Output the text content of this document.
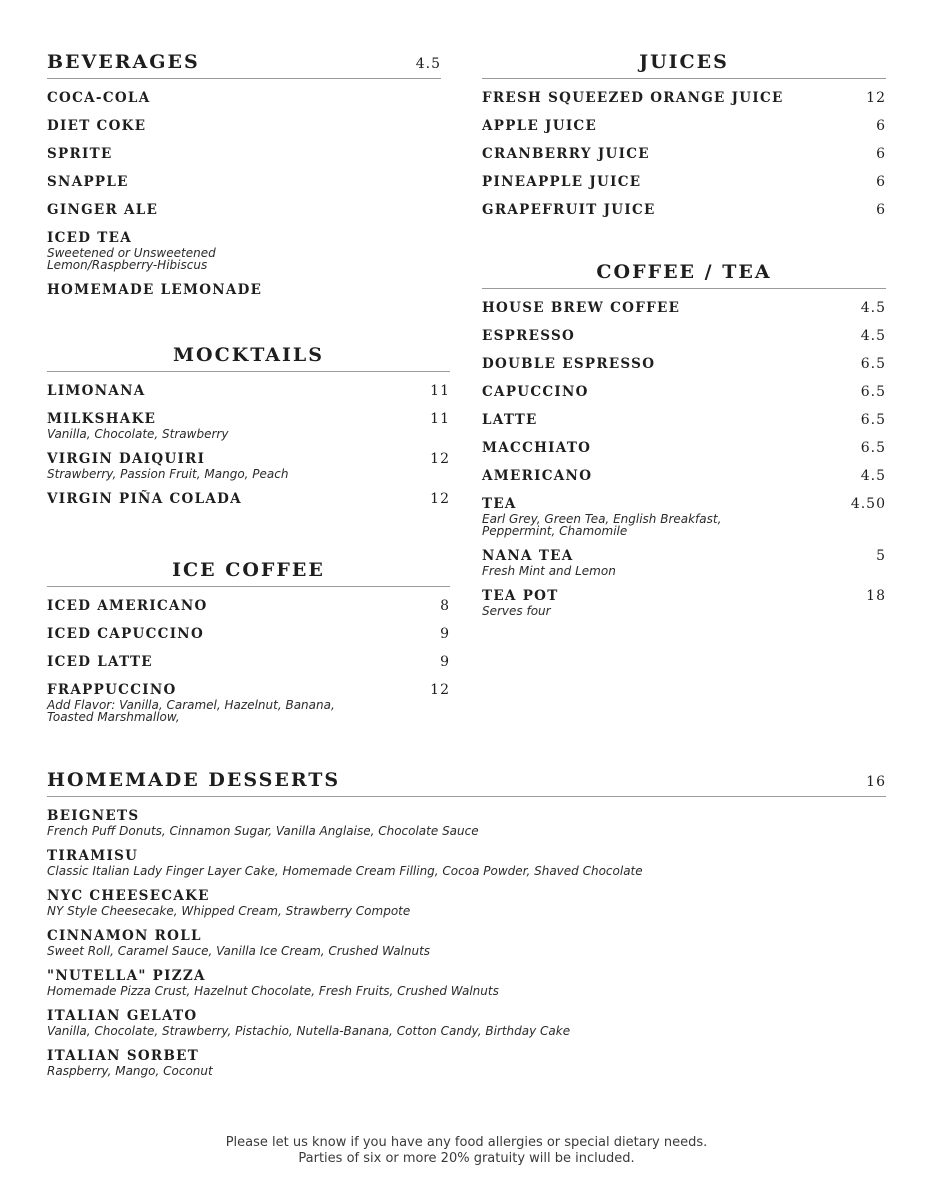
BEVERAGES	4.5
COCA-COLA
DIET COKE
SPRITE
SNAPPLE
GINGER ALE
ICED TEA
Sweetened or Unsweetened
Lemon/Raspberry-Hibiscus
HOMEMADE LEMONADE
MOCKTAILS
LIMONANA	11
MILKSHAKE	11
Vanilla, Chocolate, Strawberry
VIRGIN DAIQUIRI	12
Strawberry, Passion Fruit, Mango, Peach
VIRGIN PIÑA COLADA	12
ICE COFFEE
ICED AMERICANO	8
ICED CAPUCCINO	9
ICED LATTE	9
FRAPPUCCINO	12
Add Flavor: Vanilla, Caramel, Hazelnut, Banana,
Toasted Marshmallow,
JUICES
FRESH SQUEEZED ORANGE JUICE	12
APPLE JUICE	6
CRANBERRY JUICE	6
PINEAPPLE JUICE	6
GRAPEFRUIT JUICE	6
COFFEE / TEA
HOUSE BREW COFFEE	4.5
ESPRESSO	4.5
DOUBLE ESPRESSO	6.5
CAPUCCINO	6.5
LATTE	6.5
MACCHIATO	6.5
AMERICANO	4.5
TEA	4.50
Earl Grey, Green Tea, English Breakfast,
Peppermint, Chamomile
NANA TEA	5
Fresh Mint and Lemon
TEA POT	18
Serves four
HOMEMADE DESSERTS	16
BEIGNETS
French Puff Donuts, Cinnamon Sugar, Vanilla Anglaise, Chocolate Sauce
TIRAMISU
Classic Italian Lady Finger Layer Cake, Homemade Cream Filling, Cocoa Powder, Shaved Chocolate
NYC CHEESECAKE
NY Style Cheesecake, Whipped Cream, Strawberry Compote
CINNAMON ROLL
Sweet Roll, Caramel Sauce, Vanilla Ice Cream, Crushed Walnuts
"NUTELLA" PIZZA
Homemade Pizza Crust, Hazelnut Chocolate, Fresh Fruits, Crushed Walnuts
ITALIAN GELATO
Vanilla, Chocolate, Strawberry, Pistachio, Nutella-Banana, Cotton Candy, Birthday Cake
ITALIAN SORBET
Raspberry, Mango, Coconut
Please let us know if you have any food allergies or special dietary needs.
Parties of six or more 20% gratuity will be included.
